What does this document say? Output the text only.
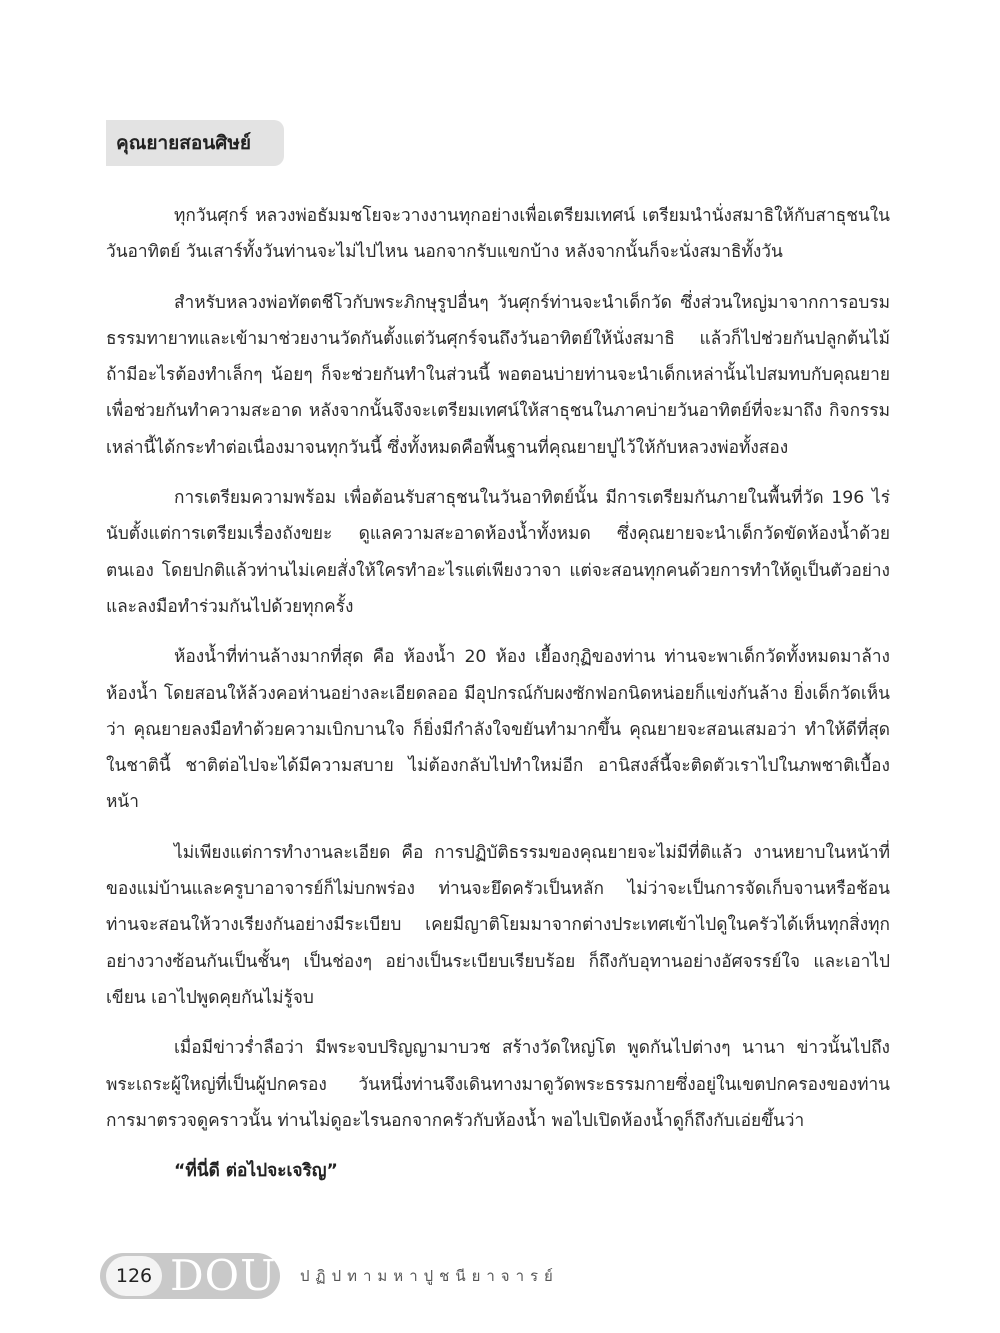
คุณยายสอนศิษย์

ทุกวันศุกร์ หลวงพ่อธัมมชโยจะวางงานทุกอย่างเพื่อเตรียมเทศน์ เตรียมนำนั่งสมาธิให้กับสาธุชนในวันอาทิตย์ วันเสาร์ทั้งวันท่านจะไม่ไปไหน นอกจากรับแขกบ้าง หลังจากนั้นก็จะนั่งสมาธิทั้งวัน

สำหรับหลวงพ่อทัตตชีโวกับพระภิกษุรูปอื่นๆ วันศุกร์ท่านจะนำเด็กวัด ซึ่งส่วนใหญ่มาจากการอบรมธรรมทายาทและเข้ามาช่วยงานวัดกันตั้งแต่วันศุกร์จนถึงวันอาทิตย์ให้นั่งสมาธิ แล้วก็ไปช่วยกันปลูกต้นไม้ ถ้ามีอะไรต้องทำเล็กๆ น้อยๆ ก็จะช่วยกันทำในส่วนนี้ พอตอนบ่ายท่านจะนำเด็กเหล่านั้นไปสมทบกับคุณยายเพื่อช่วยกันทำความสะอาด หลังจากนั้นจึงจะเตรียมเทศน์ให้สาธุชนในภาคบ่ายวันอาทิตย์ที่จะมาถึง กิจกรรมเหล่านี้ได้กระทำต่อเนื่องมาจนทุกวันนี้ ซึ่งทั้งหมดคือพื้นฐานที่คุณยายปูไว้ให้กับหลวงพ่อทั้งสอง

การเตรียมความพร้อม เพื่อต้อนรับสาธุชนในวันอาทิตย์นั้น มีการเตรียมกันภายในพื้นที่วัด 196 ไร่ นับตั้งแต่การเตรียมเรื่องถังขยะ ดูแลความสะอาดห้องน้ำทั้งหมด ซึ่งคุณยายจะนำเด็กวัดขัดห้องน้ำด้วยตนเอง โดยปกติแล้วท่านไม่เคยสั่งให้ใครทำอะไรแต่เพียงวาจา แต่จะสอนทุกคนด้วยการทำให้ดูเป็นตัวอย่าง และลงมือทำร่วมกันไปด้วยทุกครั้ง

ห้องน้ำที่ท่านล้างมากที่สุด คือ ห้องน้ำ 20 ห้อง เยื้องกุฏิของท่าน ท่านจะพาเด็กวัดทั้งหมดมาล้างห้องน้ำ โดยสอนให้ล้วงคอห่านอย่างละเอียดลออ มีอุปกรณ์กับผงซักฟอกนิดหน่อยก็แข่งกันล้าง ยิ่งเด็กวัดเห็นว่า คุณยายลงมือทำด้วยความเบิกบานใจ ก็ยิ่งมีกำลังใจขยันทำมากขึ้น คุณยายจะสอนเสมอว่า ทำให้ดีที่สุดในชาตินี้ ชาติต่อไปจะได้มีความสบาย ไม่ต้องกลับไปทำใหม่อีก อานิสงส์นี้จะติดตัวเราไปในภพชาติเบื้องหน้า

ไม่เพียงแต่การทำงานละเอียด คือ การปฏิบัติธรรมของคุณยายจะไม่มีที่ติแล้ว งานหยาบในหน้าที่ของแม่บ้านและครูบาอาจารย์ก็ไม่บกพร่อง ท่านจะยึดครัวเป็นหลัก ไม่ว่าจะเป็นการจัดเก็บจานหรือช้อน ท่านจะสอนให้วางเรียงกันอย่างมีระเบียบ เคยมีญาติโยมมาจากต่างประเทศเข้าไปดูในครัวได้เห็นทุกสิ่งทุกอย่างวางซ้อนกันเป็นชั้นๆ เป็นช่องๆ อย่างเป็นระเบียบเรียบร้อย ก็ถึงกับอุทานอย่างอัศจรรย์ใจ และเอาไปเขียน เอาไปพูดคุยกันไม่รู้จบ

เมื่อมีข่าวร่ำลือว่า มีพระจบปริญญามาบวช สร้างวัดใหญ่โต พูดกันไปต่างๆ นานา ข่าวนั้นไปถึงพระเถระผู้ใหญ่ที่เป็นผู้ปกครอง วันหนึ่งท่านจึงเดินทางมาดูวัดพระธรรมกายซึ่งอยู่ในเขตปกครองของท่าน การมาตรวจดูคราวนั้น ท่านไม่ดูอะไรนอกจากครัวกับห้องน้ำ พอไปเปิดห้องน้ำดูก็ถึงกับเอ่ยขึ้นว่า

“ที่นี่ดี ต่อไปจะเจริญ”

126 DOU ปฏิปทามหาปูชนียาจารย์
